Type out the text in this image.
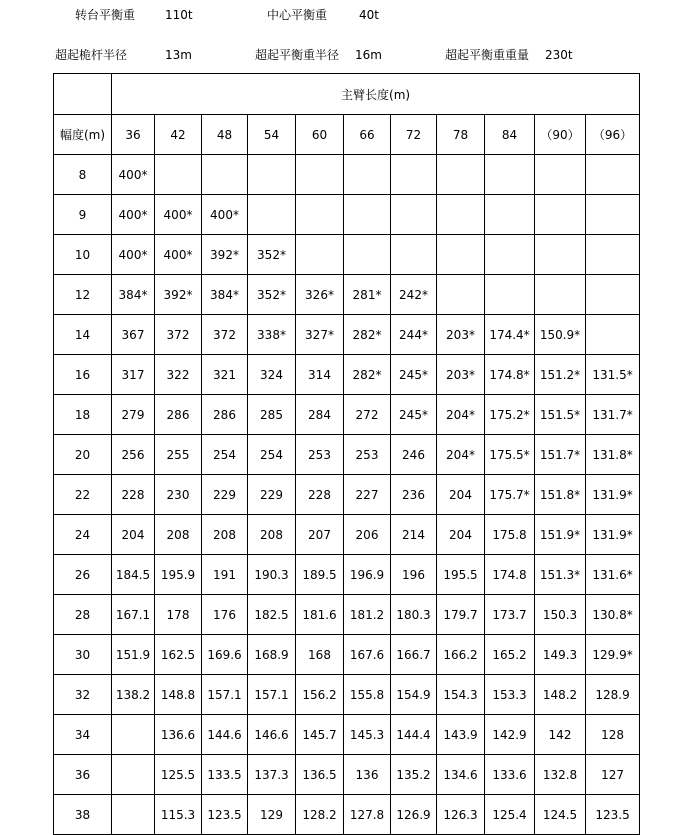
转台平衡重 110t	中心平衡重	40t
超起桅杆半径	13m	超起平衡重半径 16m	超起平衡重重量 230t
	主臂长度(m)										
幅度(m)	36	42	48	54	60	66	72	78	84	（90）	（96）
8	400*										
9	400*	400*	400*								
10	400*	400*	392*	352*							
12	384*	392*	384*	352*	326*	281*	242*				
14	367	372	372	338*	327*	282*	244*	203*	174.4*	150.9*	
16	317	322	321	324	314	282*	245*	203*	174.8*	151.2*	131.5*
18	279	286	286	285	284	272	245*	204*	175.2*	151.5*	131.7*
20	256	255	254	254	253	253	246	204*	175.5*	151.7*	131.8*
22	228	230	229	229	228	227	236	204	175.7*	151.8*	131.9*
24	204	208	208	208	207	206	214	204	175.8	151.9*	131.9*
26	184.5	195.9	191	190.3	189.5	196.9	196	195.5	174.8	151.3*	131.6*
28	167.1	178	176	182.5	181.6	181.2	180.3	179.7	173.7	150.3	130.8*
30	151.9	162.5	169.6	168.9	168	167.6	166.7	166.2	165.2	149.3	129.9*
32	138.2	148.8	157.1	157.1	156.2	155.8	154.9	154.3	153.3	148.2	128.9
34		136.6	144.6	146.6	145.7	145.3	144.4	143.9	142.9	142	128
36		125.5	133.5	137.3	136.5	136	135.2	134.6	133.6	132.8	127
38		115.3	123.5	129	128.2	127.8	126.9	126.3	125.4	124.5	123.5
